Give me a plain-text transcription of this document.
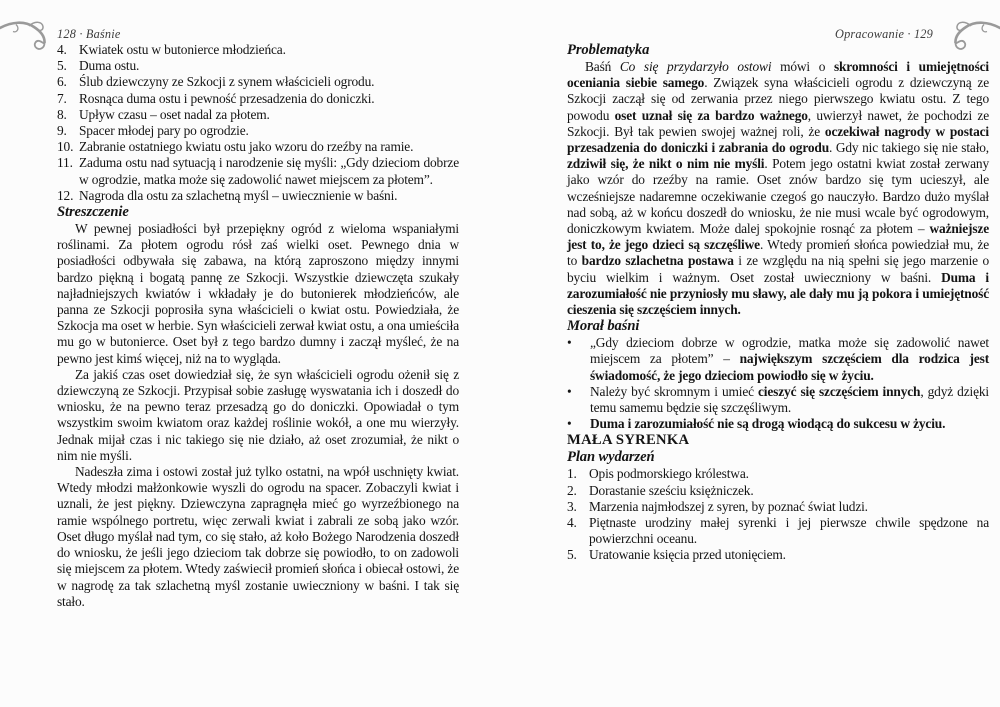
128 · Baśnie
4. Kwiatek ostu w butonierce młodzieńca.
5. Duma ostu.
6. Ślub dziewczyny ze Szkocji z synem właścicieli ogrodu.
7. Rosnąca duma ostu i pewność przesadzenia do doniczki.
8. Upływ czasu – oset nadal za płotem.
9. Spacer młodej pary po ogrodzie.
10. Zabranie ostatniego kwiatu ostu jako wzoru do rzeźby na ramie.
11. Zaduma ostu nad sytuacją i narodzenie się myśli: „Gdy dzieciom dobrze w ogrodzie, matka może się zadowolić nawet miejscem za płotem”.
12. Nagroda dla ostu za szlachetną myśl – uwiecznienie w baśni.
Streszczenie

W pewnej posiadłości był przepiękny ogród z wieloma wspaniałymi roślinami. Za płotem ogrodu rósł zaś wielki oset. Pewnego dnia w posiadłości odbywała się zabawa, na którą zaproszono między innymi bardzo piękną i bogatą pannę ze Szkocji. Wszystkie dziewczęta szukały najładniejszych kwiatów i wkładały je do butonierek młodzieńców, ale panna ze Szkocji poprosiła syna właścicieli o kwiat ostu. Powiedziała, że Szkocja ma oset w herbie. Syn właścicieli zerwał kwiat ostu, a ona umieściła mu go w butonierce. Oset był z tego bardzo dumny i zaczął myśleć, że na pewno jest kimś więcej, niż na to wygląda.

Za jakiś czas oset dowiedział się, że syn właścicieli ogrodu ożenił się z dziewczyną ze Szkocji. Przypisał sobie zasługę wyswatania ich i doszedł do wniosku, że na pewno teraz przesadzą go do doniczki. Opowiadał o tym wszystkim swoim kwiatom oraz każdej roślinie wokół, a one mu wierzyły. Jednak mijał czas i nic takiego się nie działo, aż oset zrozumiał, że nikt o nim nie myśli.

Nadeszła zima i ostowi został już tylko ostatni, na wpół uschnięty kwiat. Wtedy młodzi małżonkowie wyszli do ogrodu na spacer. Zobaczyli kwiat i uznali, że jest piękny. Dziewczyna zapragnęła mieć go wyrzeźbionego na ramie wspólnego portretu, więc zerwali kwiat i zabrali ze sobą jako wzór. Oset długo myślał nad tym, co się stało, aż koło Bożego Narodzenia doszedł do wniosku, że jeśli jego dzieciom tak dobrze się powiodło, to on zadowoli się miejscem za płotem. Wtedy zaświecił promień słońca i obiecał ostowi, że w nagrodę za tak szlachetną myśl zostanie uwieczniony w baśni. I tak się stało.

Opracowanie · 129
Problematyka

Baśń Co się przydarzyło ostowi mówi o skromności i umiejętności oceniania siebie samego. Związek syna właścicieli ogrodu z dziewczyną ze Szkocji zaczął się od zerwania przez niego pierwszego kwiatu ostu. Z tego powodu oset uznał się za bardzo ważnego, uwierzył nawet, że pochodzi ze Szkocji. Był tak pewien swojej ważnej roli, że oczekiwał nagrody w postaci przesadzenia do doniczki i zabrania do ogrodu. Gdy nic takiego się nie stało, zdziwił się, że nikt o nim nie myśli. Potem jego ostatni kwiat został zerwany jako wzór do rzeźby na ramie. Oset znów bardzo się tym ucieszył, ale wcześniejsze nadaremne oczekiwanie czegoś go nauczyło. Bardzo dużo myślał nad sobą, aż w końcu doszedł do wniosku, że nie musi wcale być ogrodowym, doniczkowym kwiatem. Może dalej spokojnie rosnąć za płotem – ważniejsze jest to, że jego dzieci są szczęśliwe. Wtedy promień słońca powiedział mu, że to bardzo szlachetna postawa i ze względu na nią spełni się jego marzenie o byciu wielkim i ważnym. Oset został uwieczniony w baśni. Duma i zarozumiałość nie przyniosły mu sławy, ale dały mu ją pokora i umiejętność cieszenia się szczęściem innych.

Morał baśni
•	„Gdy dzieciom dobrze w ogrodzie, matka może się zadowolić nawet miejscem za płotem” – największym szczęściem dla rodzica jest świadomość, że jego dzieciom powiodło się w życiu.
•	Należy być skromnym i umieć cieszyć się szczęściem innych, gdyż dzięki temu samemu będzie się szczęśliwym.
•	Duma i zarozumiałość nie są drogą wiodącą do sukcesu w życiu.
MAŁA SYRENKA
Plan wydarzeń
1. Opis podmorskiego królestwa.
2. Dorastanie sześciu księżniczek.
3. Marzenia najmłodszej z syren, by poznać świat ludzi.
4. Piętnaste urodziny małej syrenki i jej pierwsze chwile spędzone na powierzchni oceanu.
5. Uratowanie księcia przed utonięciem.
